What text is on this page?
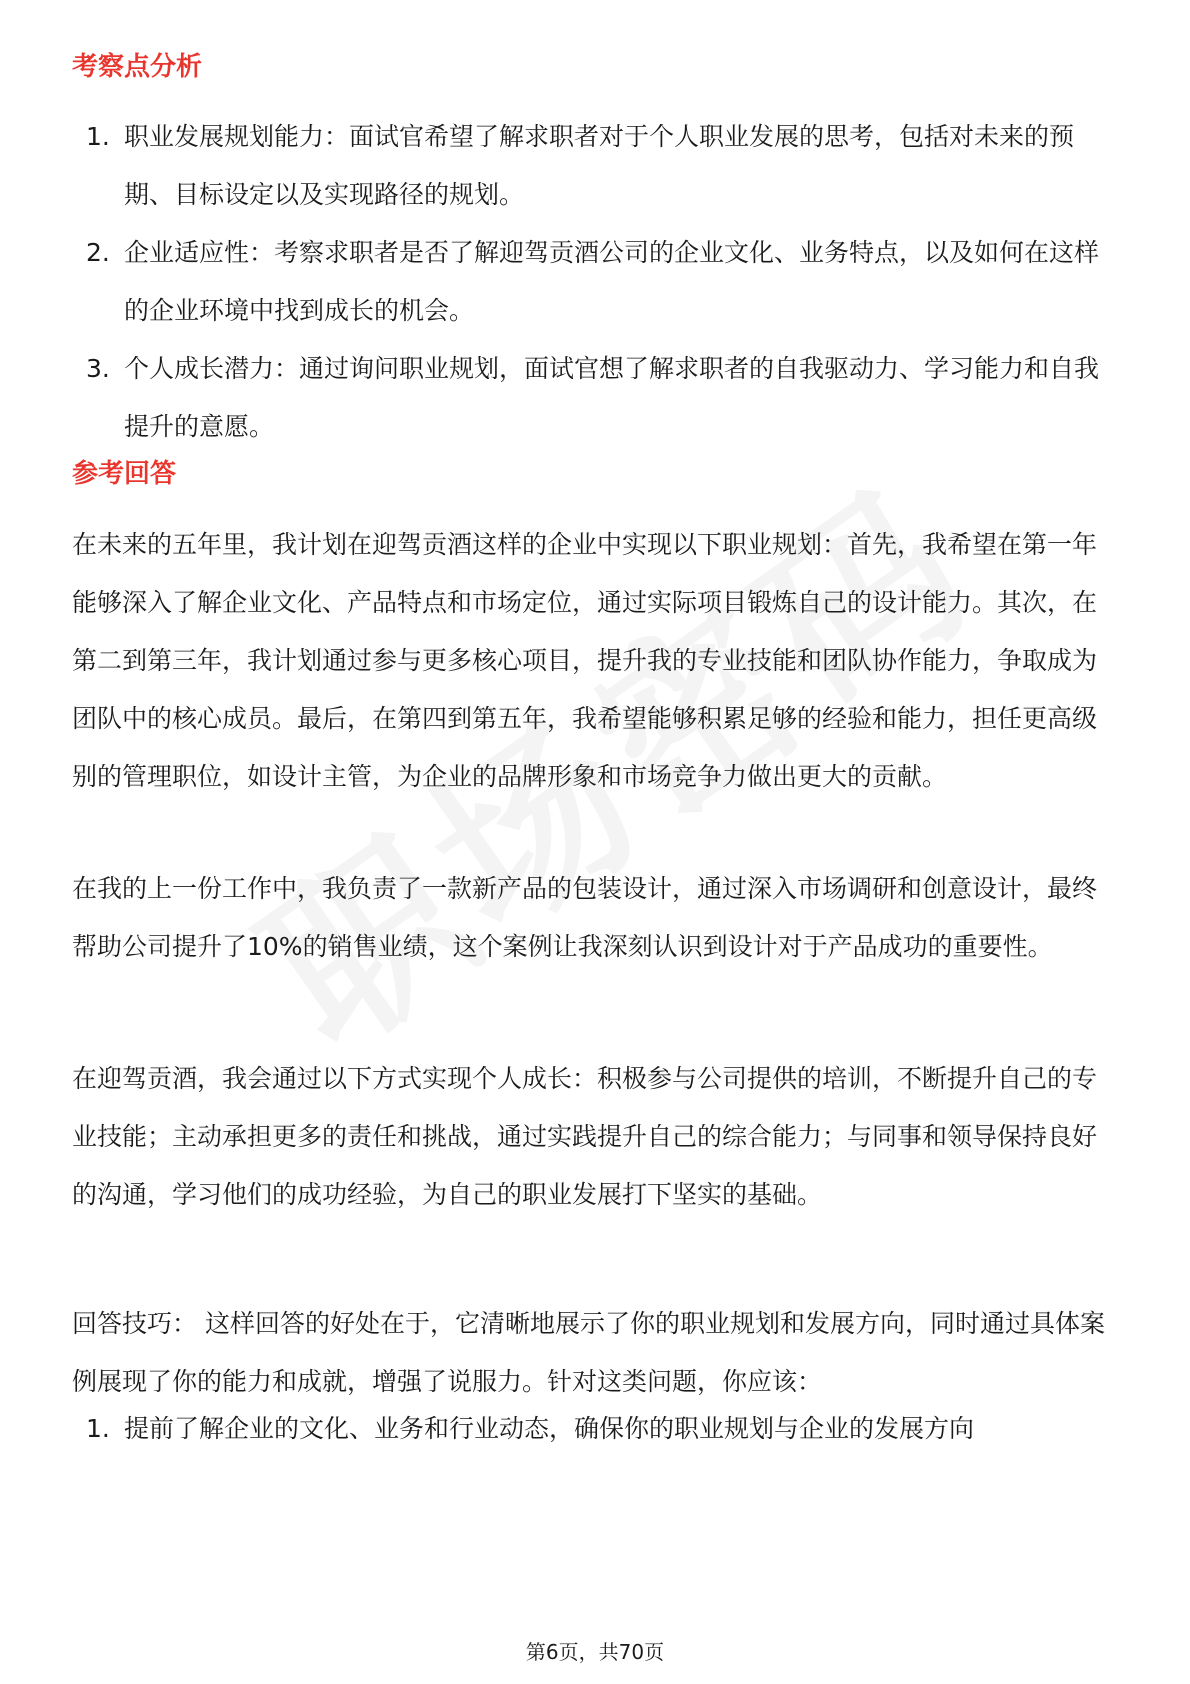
考察点分析
1. 职业发展规划能力：面试官希望了解求职者对于个人职业发展的思考，包括对未来的预期、目标设定以及实现路径的规划。
2. 企业适应性：考察求职者是否了解迎驾贡酒公司的企业文化、业务特点，以及如何在这样的企业环境中找到成长的机会。
3. 个人成长潜力：通过询问职业规划，面试官想了解求职者的自我驱动力、学习能力和自我提升的意愿。
参考回答

在未来的五年里，我计划在迎驾贡酒这样的企业中实现以下职业规划：首先，我希望在第一年能够深入了解企业文化、产品特点和市场定位，通过实际项目锻炼自己的设计能力。其次，在第二到第三年，我计划通过参与更多核心项目，提升我的专业技能和团队协作能力，争取成为团队中的核心成员。最后，在第四到第五年，我希望能够积累足够的经验和能力，担任更高级别的管理职位，如设计主管，为企业的品牌形象和市场竞争力做出更大的贡献。

在我的上一份工作中，我负责了一款新产品的包装设计，通过深入市场调研和创意设计，最终帮助公司提升了10%的销售业绩，这个案例让我深刻认识到设计对于产品成功的重要性。

在迎驾贡酒，我会通过以下方式实现个人成长：积极参与公司提供的培训，不断提升自己的专业技能；主动承担更多的责任和挑战，通过实践提升自己的综合能力；与同事和领导保持良好的沟通，学习他们的成功经验，为自己的职业发展打下坚实的基础。

回答技巧： 这样回答的好处在于，它清晰地展示了你的职业规划和发展方向，同时通过具体案例展现了你的能力和成就，增强了说服力。针对这类问题，你应该：

1. 提前了解企业的文化、业务和行业动态，确保你的职业规划与企业的发展方向
第6页，共70页
